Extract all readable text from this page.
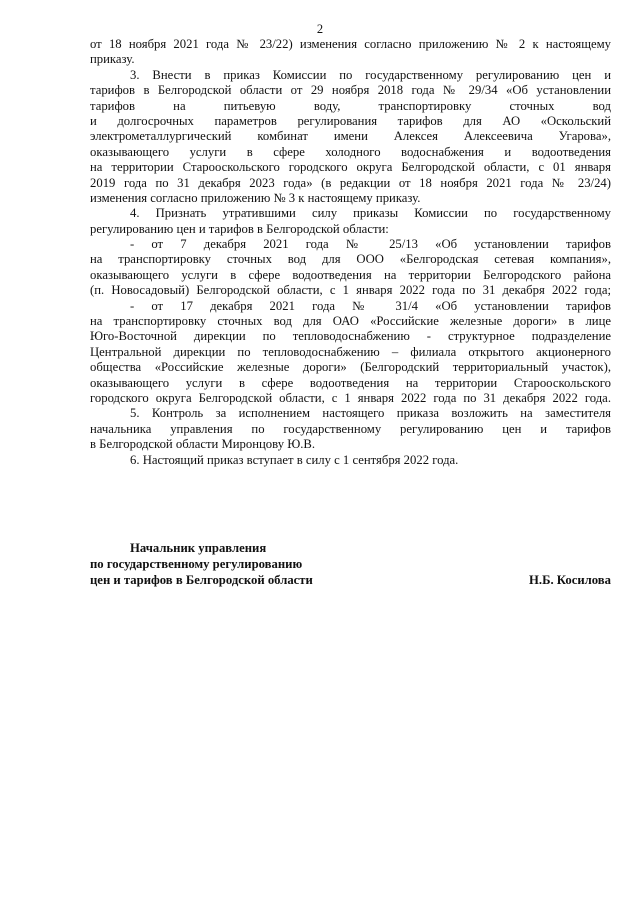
2
от 18 ноября 2021 года № 23/22) изменения согласно приложению № 2 к настоящему
приказу.
3. Внести в приказ Комиссии по государственному регулированию цен и
тарифов в Белгородской области от 29 ноября 2018 года № 29/34 «Об установлении
тарифов на питьевую воду, транспортировку сточных вод
и долгосрочных параметров регулирования тарифов для АО «Оскольский
электрометаллургический комбинат имени Алексея Алексеевича Угарова»,
оказывающего услуги в сфере холодного водоснабжения и водоотведения
на территории Старооскольского городского округа Белгородской области, с 01 января
2019 года по 31 декабря 2023 года» (в редакции от 18 ноября 2021 года № 23/24)
изменения согласно приложению № 3 к настоящему приказу.
4. Признать утратившими силу приказы Комиссии по государственному
регулированию цен и тарифов в Белгородской области:
- от 7 декабря 2021 года № 25/13 «Об установлении тарифов
на транспортировку сточных вод для ООО «Белгородская сетевая компания»,
оказывающего услуги в сфере водоотведения на территории Белгородского района
(п. Новосадовый) Белгородской области, с 1 января 2022 года по 31 декабря 2022 года;
- от 17 декабря 2021 года № 31/4 «Об установлении тарифов
на транспортировку сточных вод для ОАО «Российские железные дороги» в лице
Юго-Восточной дирекции по тепловодоснабжению - структурное подразделение
Центральной дирекции по тепловодоснабжению – филиала открытого акционерного
общества «Российские железные дороги» (Белгородский территориальный участок),
оказывающего услуги в сфере водоотведения на территории Старооскольского
городского округа Белгородской области, с 1 января 2022 года по 31 декабря 2022 года.
5. Контроль за исполнением настоящего приказа возложить на заместителя
начальника управления по государственному регулированию цен и тарифов
в Белгородской области Миронцову Ю.В.
6. Настоящий приказ вступает в силу с 1 сентября 2022 года.
Начальник управления
по государственному регулированию
цен и тарифов в Белгородской области	Н.Б. Косилова
